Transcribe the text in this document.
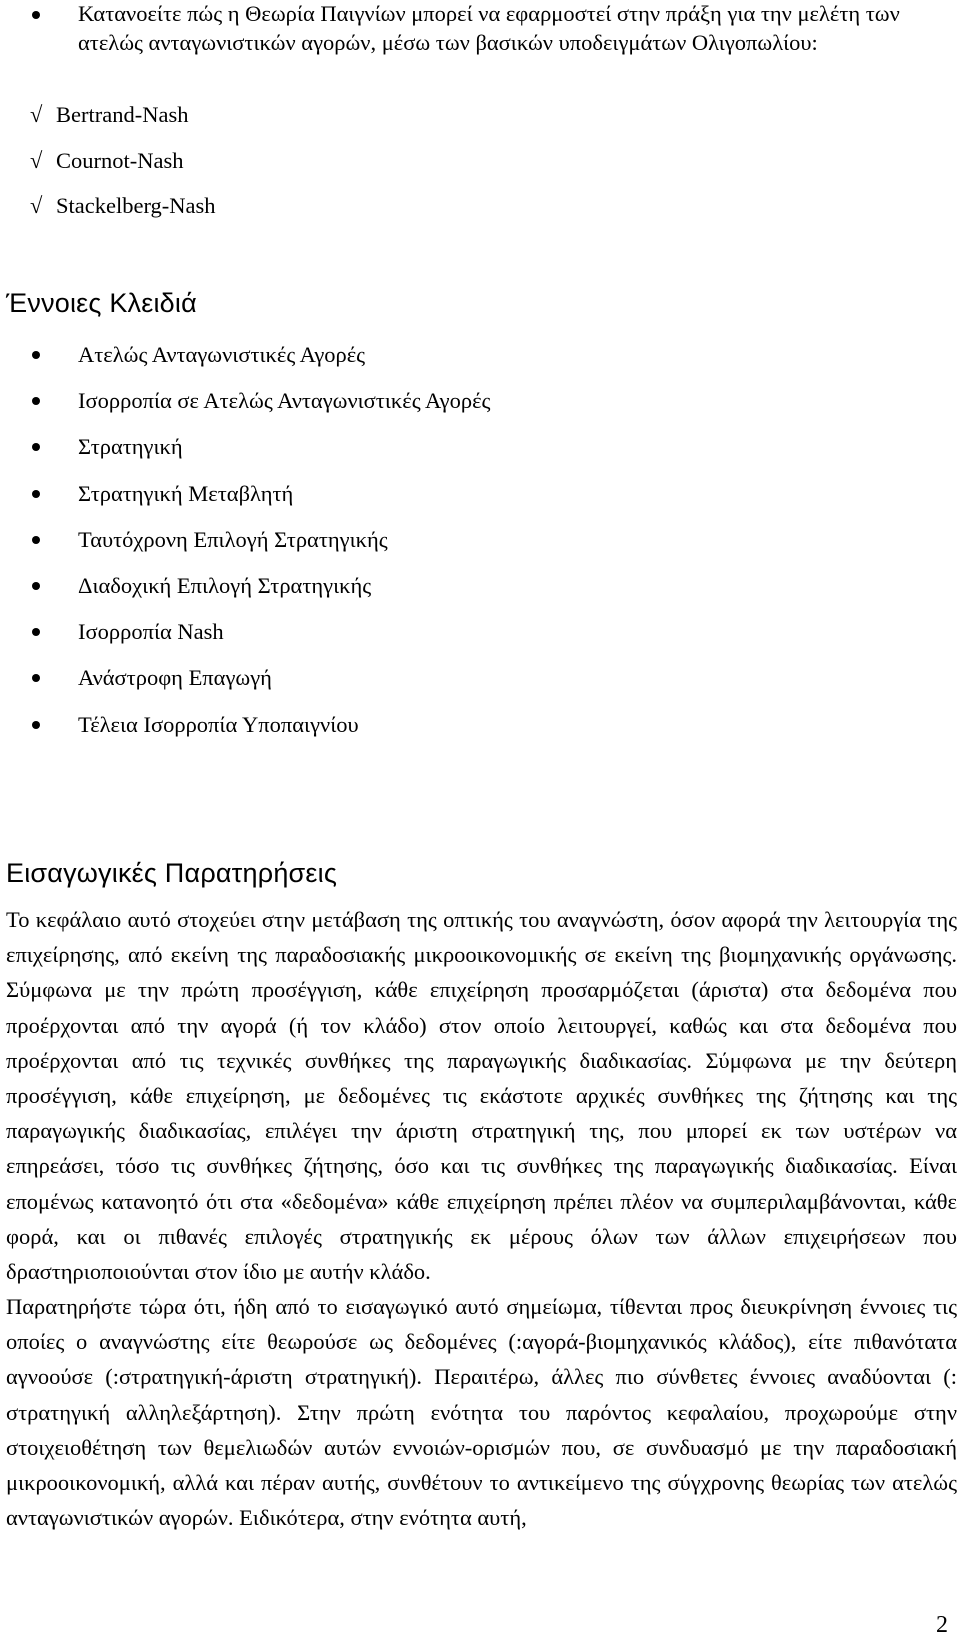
Κατανοείτε πώς η Θεωρία Παιγνίων μπορεί να εφαρμοστεί στην πράξη για την μελέτη των ατελώς ανταγωνιστικών αγορών, μέσω των βασικών υποδειγμάτων Ολιγοπωλίου:
√ Bertrand-Nash
√ Cournot-Nash
√ Stackelberg-Nash
Έννοιες Κλειδιά
Ατελώς Ανταγωνιστικές Αγορές
Ισορροπία σε Ατελώς Ανταγωνιστικές Αγορές
Στρατηγική
Στρατηγική Μεταβλητή
Ταυτόχρονη Επιλογή Στρατηγικής
Διαδοχική Επιλογή Στρατηγικής
Ισορροπία Nash
Ανάστροφη Επαγωγή
Τέλεια Ισορροπία Υποπαιγνίου
Εισαγωγικές Παρατηρήσεις

Το κεφάλαιο αυτό στοχεύει στην μετάβαση της οπτικής του αναγνώστη, όσον αφορά την λειτουργία της επιχείρησης, από εκείνη της παραδοσιακής μικροοικονομικής σε εκείνη της βιομηχανικής οργάνωσης. Σύμφωνα με την πρώτη προσέγγιση, κάθε επιχείρηση προσαρμόζεται (άριστα) στα δεδομένα που προέρχονται από την αγορά (ή τον κλάδο) στον οποίο λειτουργεί, καθώς και στα δεδομένα που προέρχονται από τις τεχνικές συνθήκες της παραγωγικής διαδικασίας. Σύμφωνα με την δεύτερη προσέγγιση, κάθε επιχείρηση, με δεδομένες τις εκάστοτε αρχικές συνθήκες της ζήτησης και της παραγωγικής διαδικασίας, επιλέγει την άριστη στρατηγική της, που μπορεί εκ των υστέρων να επηρεάσει, τόσο τις συνθήκες ζήτησης, όσο και τις συνθήκες της παραγωγικής διαδικασίας. Είναι επομένως κατανοητό ότι στα «δεδομένα» κάθε επιχείρηση πρέπει πλέον να συμπεριλαμβάνονται, κάθε φορά, και οι πιθανές επιλογές στρατηγικής εκ μέρους όλων των άλλων επιχειρήσεων που δραστηριοποιούνται στον ίδιο με αυτήν κλάδο.

Παρατηρήστε τώρα ότι, ήδη από το εισαγωγικό αυτό σημείωμα, τίθενται προς διευκρίνηση έννοιες τις οποίες ο αναγνώστης είτε θεωρούσε ως δεδομένες (:αγορά-βιομηχανικός κλάδος), είτε πιθανότατα αγνοούσε (:στρατηγική-άριστη στρατηγική). Περαιτέρω, άλλες πιο σύνθετες έννοιες αναδύονται (: στρατηγική αλληλεξάρτηση). Στην πρώτη ενότητα του παρόντος κεφαλαίου, προχωρούμε στην στοιχειοθέτηση των θεμελιωδών αυτών εννοιών-ορισμών που, σε συνδυασμό με την παραδοσιακή μικροοικονομική, αλλά και πέραν αυτής, συνθέτουν το αντικείμενο της σύγχρονης θεωρίας των ατελώς ανταγωνιστικών αγορών. Ειδικότερα, στην ενότητα αυτή,

2
